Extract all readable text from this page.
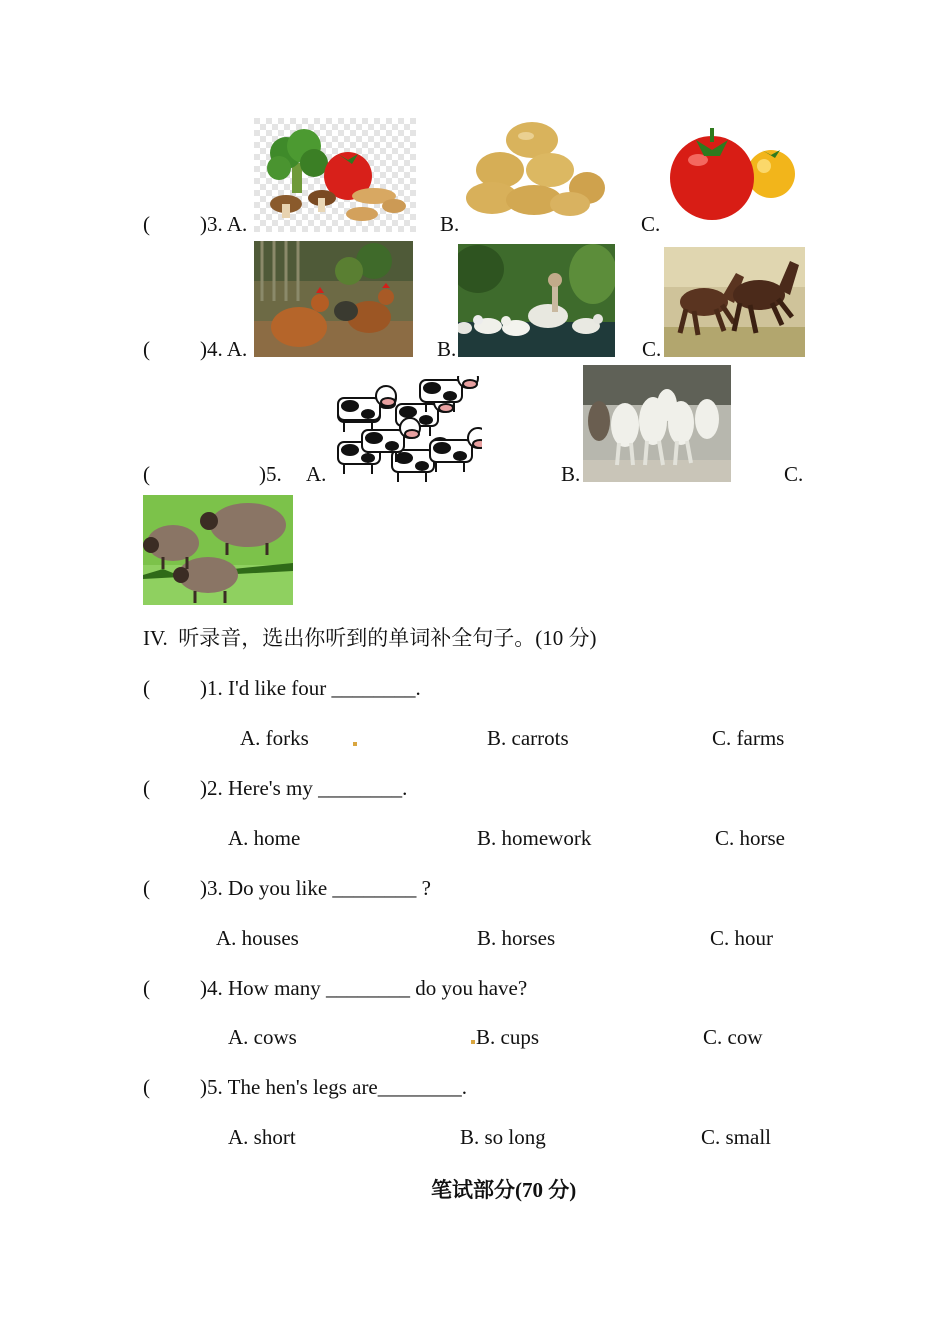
( )3. A.	B.	C.
( )4. A.	B.	C.
(	)5. A.	B.	C.
IV.  听录音，选出你听到的单词补全句子。(10 分)
( )1. I'd like four ________.
A. forks	B. carrots	C. farms
( )2. Here's my ________.
A. home	B. homework	C. horse
( )3. Do you like ________ ?
A. houses	B. horses	C. hour
( )4. How many ________ do you have?
A. cows	B. cups	C. cow
( )5. The hen's legs are________.
A. short	B. so long	C. small
笔试部分(70 分)
